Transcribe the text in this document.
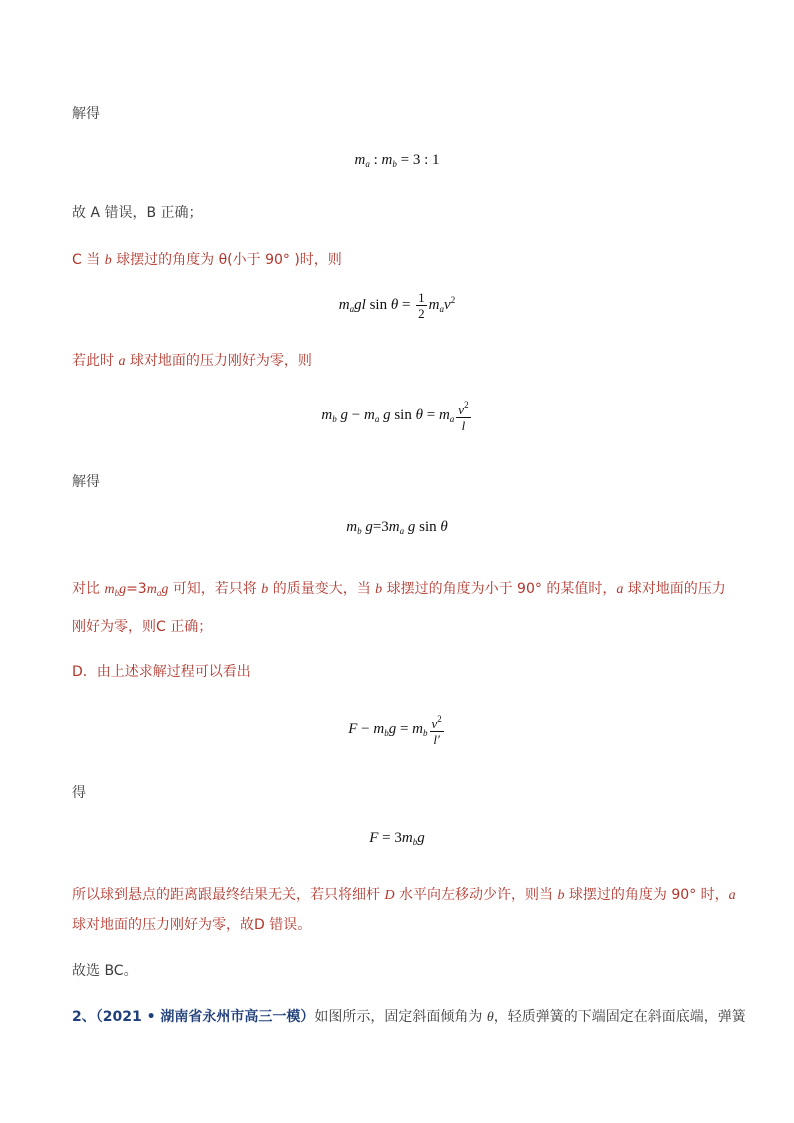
解得
$m_a$ : $m_b = 3$ : 1
故 A 错误，B 正确；
C 当 b 球摆过的角度为 θ(小于 90° )时，则
$m_agl$ $\sin \theta = \frac{1}{2} m_av^2$
若此时 a 球对地面的压力刚好为零，则
$m_b$ $g - m_a$ g $\sin \theta = m_a \frac{v^2}{l}$
解得
$m_b$ $g=3m_a$ g sin θ
对比 $m_bg=3m_ag$ 可知，若只将 b 的质量变大，当 b 球摆过的角度为小于 90° 的某值时，a 球对地面的压力
刚好为零，则C 正确；
D．由上述求解过程可以看出
$F - m_bg = m_b \frac{v^2}{l'}$
得
$F = 3m_bg$
所以球到悬点的距离跟最终结果无关，若只将细杆 D 水平向左移动少许，则当 b 球摆过的角度为 90° 时，a
球对地面的压力刚好为零，故D 错误。
故选 BC。
2、（2021 • 湖南省永州市高三一模）如图所示，固定斜面倾角为 θ，轻质弹簧的下端固定在斜面底端，弹簧
